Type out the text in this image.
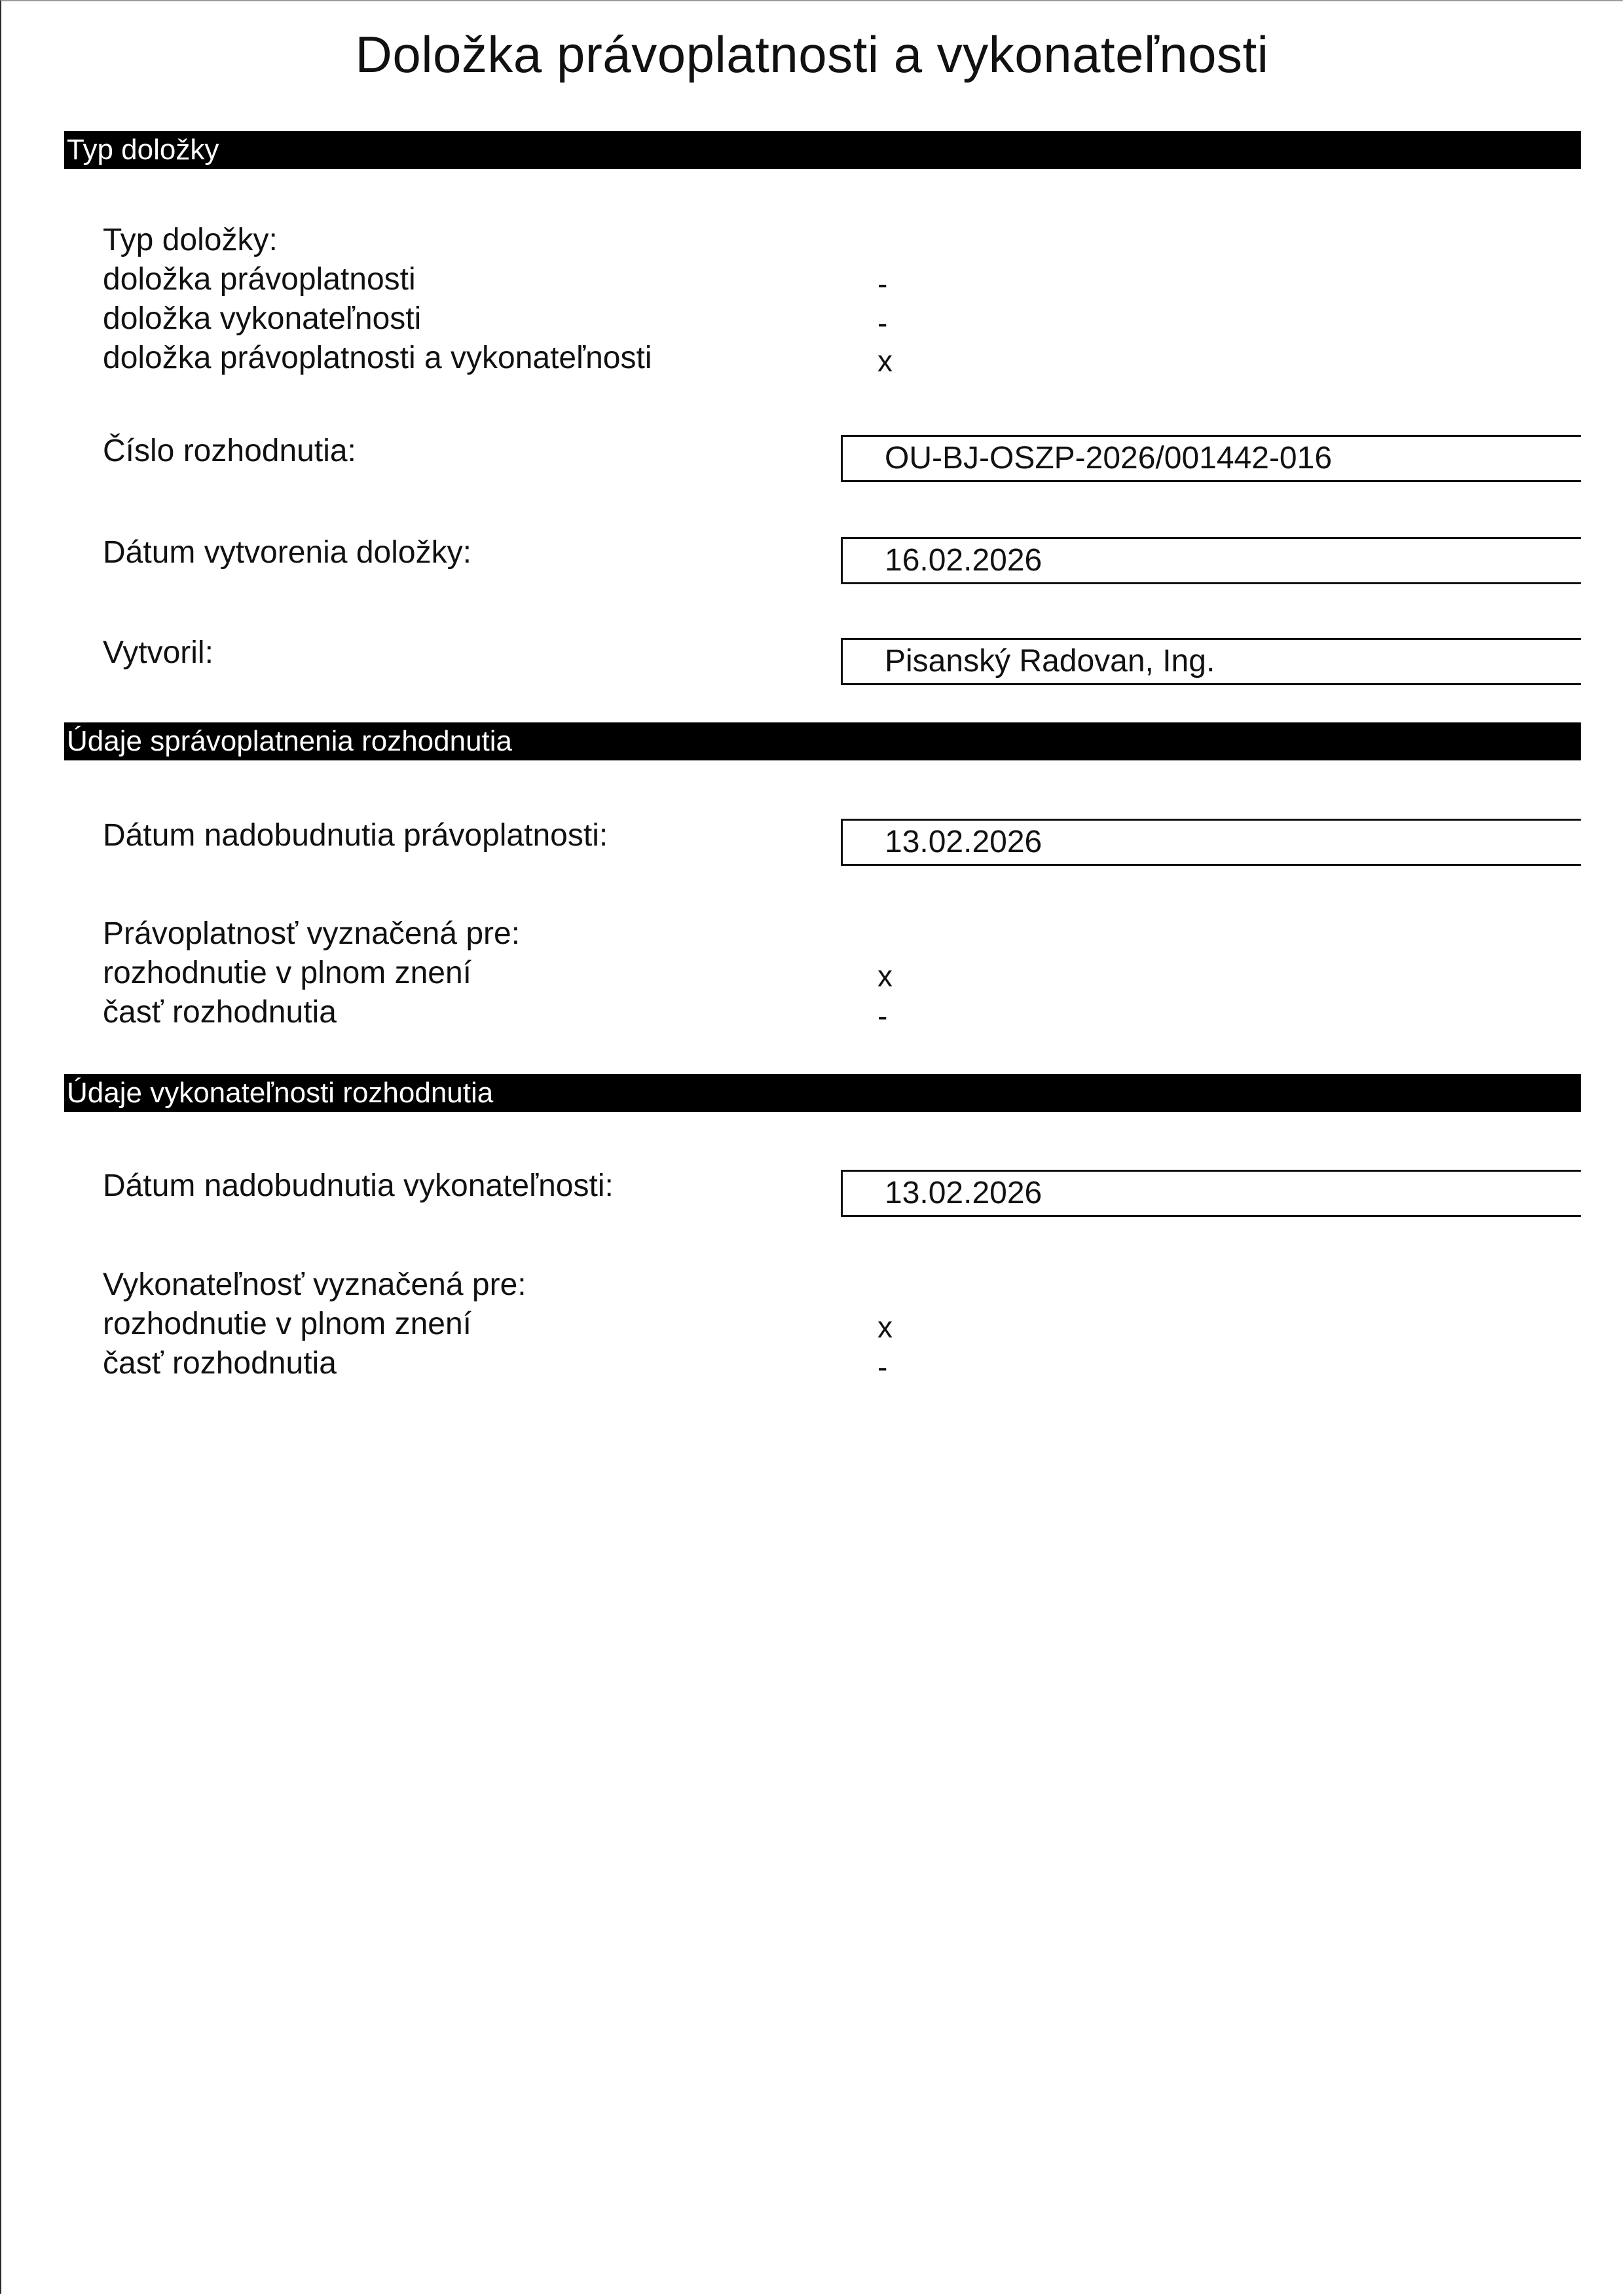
Doložka právoplatnosti a vykonateľnosti
Typ doložky
Typ doložky:
doložka právoplatnosti	-
doložka vykonateľnosti	-
doložka právoplatnosti a vykonateľnosti	x
Číslo rozhodnutia:	OU-BJ-OSZP-2026/001442-016
Dátum vytvorenia doložky:	16.02.2026
Vytvoril:	Pisanský Radovan, Ing.
Údaje správoplatnenia rozhodnutia
Dátum nadobudnutia právoplatnosti:	13.02.2026
Právoplatnosť vyznačená pre:
rozhodnutie v plnom znení	x
časť rozhodnutia	-
Údaje vykonateľnosti rozhodnutia
Dátum nadobudnutia vykonateľnosti:	13.02.2026
Vykonateľnosť vyznačená pre:
rozhodnutie v plnom znení	x
časť rozhodnutia	-
